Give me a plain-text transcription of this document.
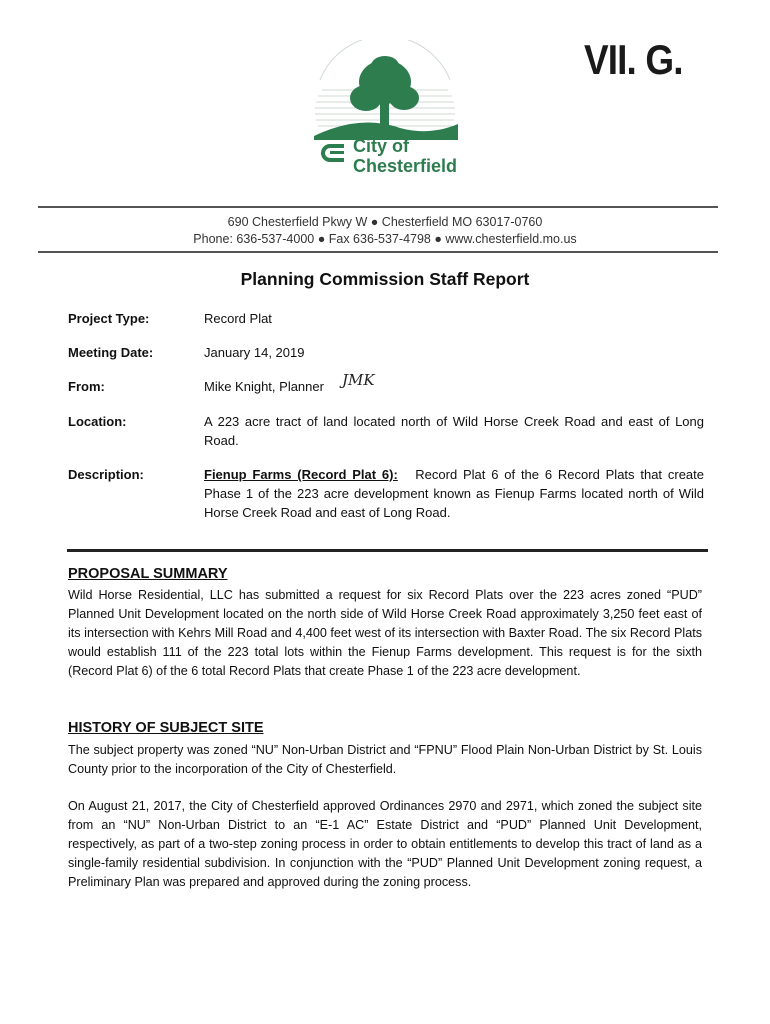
VII. G.
City of
Chesterfield
690 Chesterfield Pkwy W ● Chesterfield MO 63017-0760
Phone: 636-537-4000 ● Fax 636-537-4798 ● www.chesterfield.mo.us
Planning Commission Staff Report
Project Type:	Record Plat
Meeting Date:	January 14, 2019
From:	Mike Knight, Planner	JMK
Location:	A 223 acre tract of land located north of Wild Horse Creek Road and east of Long Road.
Description:	Fienup Farms (Record Plat 6): Record Plat 6 of the 6 Record Plats that create Phase 1 of the 223 acre development known as Fienup Farms located north of Wild Horse Creek Road and east of Long Road.
PROPOSAL SUMMARY

Wild Horse Residential, LLC has submitted a request for six Record Plats over the 223 acres zoned “PUD” Planned Unit Development located on the north side of Wild Horse Creek Road approximately 3,250 feet east of its intersection with Kehrs Mill Road and 4,400 feet west of its intersection with Baxter Road. The six Record Plats would establish 111 of the 223 total lots within the Fienup Farms development. This request is for the sixth (Record Plat 6) of the 6 total Record Plats that create Phase 1 of the 223 acre development.

HISTORY OF SUBJECT SITE

The subject property was zoned “NU” Non-Urban District and “FPNU” Flood Plain Non-Urban District by St. Louis County prior to the incorporation of the City of Chesterfield.

On August 21, 2017, the City of Chesterfield approved Ordinances 2970 and 2971, which zoned the subject site from an “NU” Non-Urban District to an “E-1 AC” Estate District and “PUD” Planned Unit Development, respectively, as part of a two-step zoning process in order to obtain entitlements to develop this tract of land as a single-family residential subdivision. In conjunction with the “PUD” Planned Unit Development zoning request, a Preliminary Plan was prepared and approved during the zoning process.
